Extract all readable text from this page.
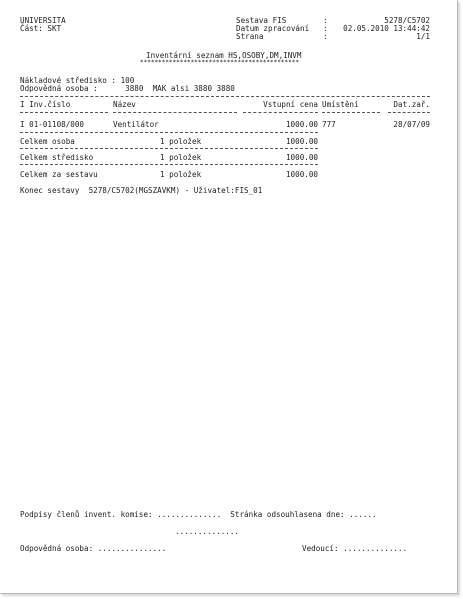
UNIVERSITA
Část: SKT
Sestava FIS	:	5278/C5702
Datum zpracování :	02.05.2010 13:44:42
Strana	:	1/1
Inventární seznam HS,OSOBY,DM,INVM
********************************************
Nákladové středisko : 100
Odpovědná osoba :      3880  MAK alsi 3880 3880
I Inv.číslo	Název	Vstupní cena Umístění	Dat.zař.
I 01-01108/000	Ventilátor	1000.00 777	28/07/09
Celkem osoba	1 položek	1000.00
Celkem středisko	1 položek	1000.00
Celkem za sestavu	1 položek	1000.00
Konec sestavy  5278/C5702(MGSZAVKM) - Uživatel:FIS_01
Podpisy členů invent. komise: ..............  Stránka odsouhlasena dne: ......
..............
Odpovědná osoba: ...............	Vedoucí: ..............
